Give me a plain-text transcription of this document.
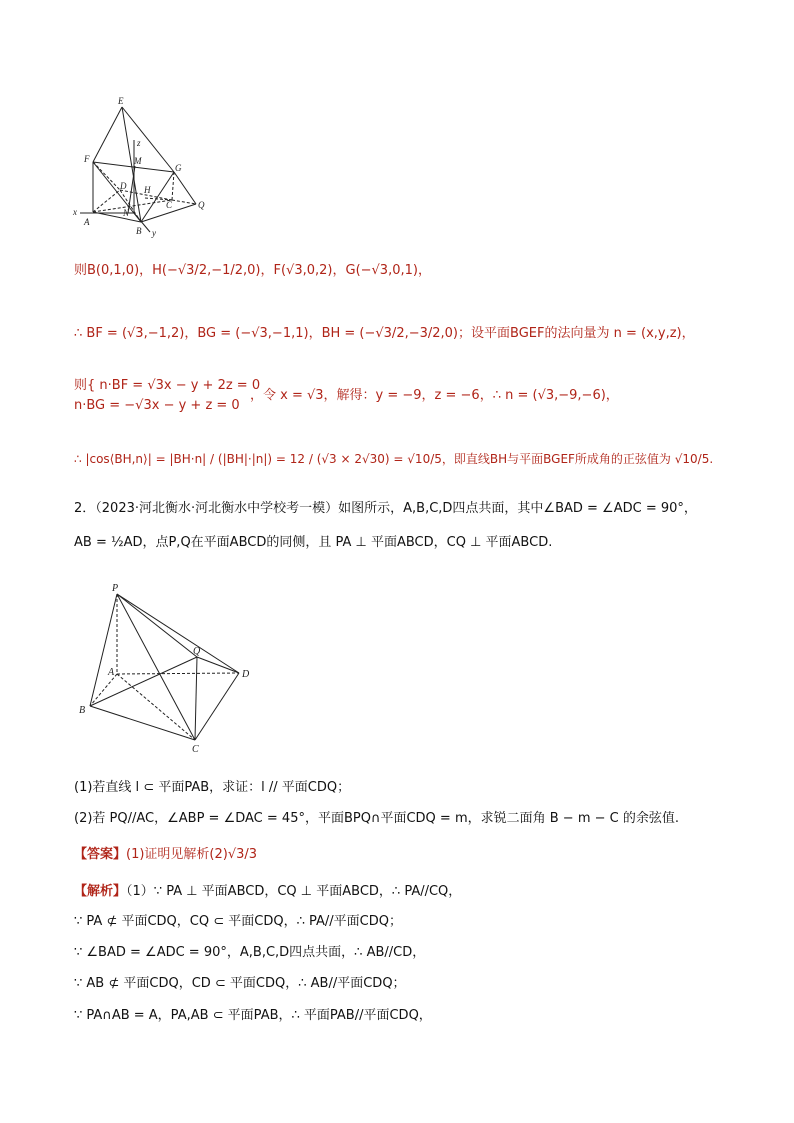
E
F	M
G
z
D H
C	Q
x
A
N
B y
则B(0,1,0)，H(−√3/2,−1/2,0)，F(√3,0,2)，G(−√3,0,1)，
∴ BF = (√3,−1,2)，BG = (−√3,−1,1)，BH = (−√3/2,−3/2,0)；设平面BGEF的法向量为 n = (x,y,z)，
则{ n·BF = √3x − y + 2z = 0
n·BG = −√3x − y + z = 0
，令 x = √3，解得：y = −9，z = −6，∴ n = (√3,−9,−6)，
∴ |cos⟨BH,n⟩| = |BH·n| / (|BH|·|n|) = 12 / (√3 × 2√30) = √10/5，即直线BH与平面BGEF所成角的正弦值为 √10/5.
2．（2023·河北衡水·河北衡水中学校考一模）如图所示，A,B,C,D四点共面，其中∠BAD = ∠ADC = 90°，
AB = ½AD，点P,Q在平面ABCD的同侧，且 PA ⊥ 平面ABCD，CQ ⊥ 平面ABCD.
P
Q
A	D
B
C
(1)若直线 l ⊂ 平面PAB，求证：l // 平面CDQ；
(2)若 PQ//AC，∠ABP = ∠DAC = 45°，平面BPQ∩平面CDQ = m，求锐二面角 B − m − C 的余弦值.
【答案】(1)证明见解析(2)√3/3
【解析】（1）∵ PA ⊥ 平面ABCD，CQ ⊥ 平面ABCD，∴ PA//CQ，
∵ PA ⊄ 平面CDQ，CQ ⊂ 平面CDQ，∴ PA//平面CDQ；
∵ ∠BAD = ∠ADC = 90°，A,B,C,D四点共面，∴ AB//CD，
∵ AB ⊄ 平面CDQ，CD ⊂ 平面CDQ，∴ AB//平面CDQ；
∵ PA∩AB = A，PA,AB ⊂ 平面PAB，∴ 平面PAB//平面CDQ，
